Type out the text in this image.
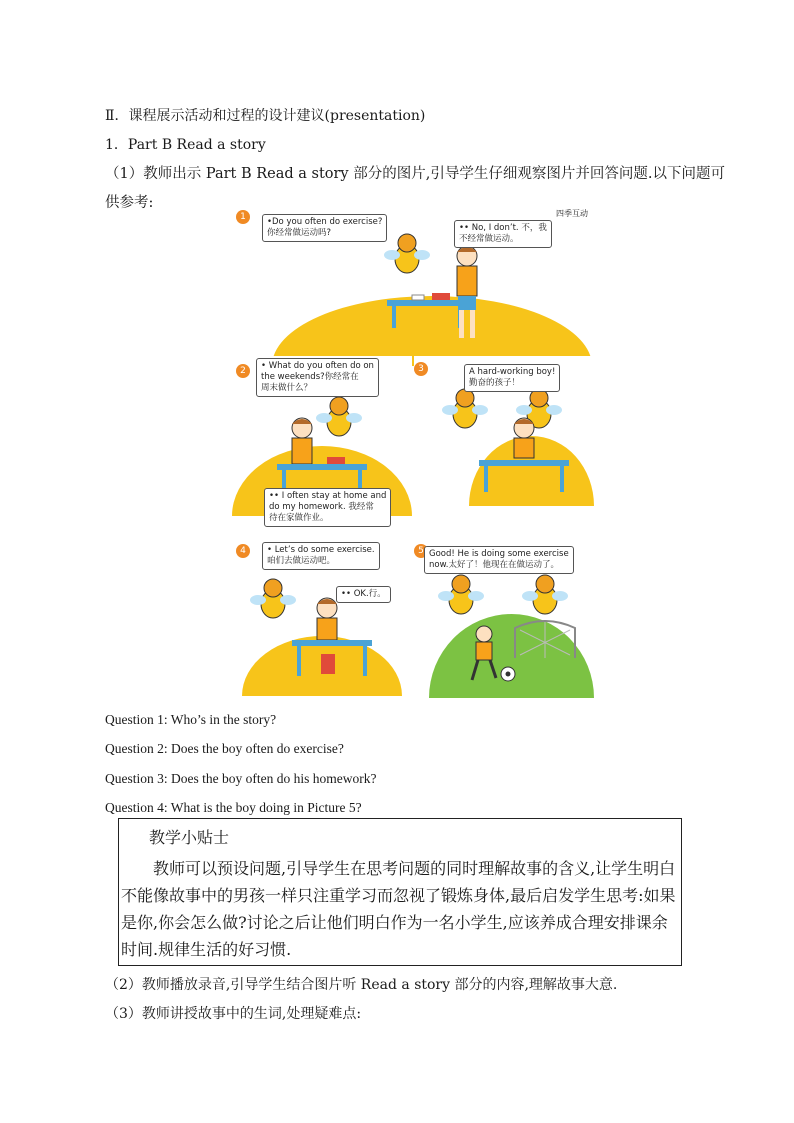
Ⅱ．课程展示活动和过程的设计建议(presentation)
1．Part B Read a story
（1）教师出示 Part B Read a story 部分的图片,引导学生仔细观察图片并回答问题.以下问题可供参考:
1	四季互动
•Do you often do exercise?
你经常做运动吗?	•• No, I don’t. 不，我
不经常做运动。
2	• What do you often do on
the weekends?你经常在
周末做什么？
•• I often stay at home and
do my homework. 我经常
待在家做作业。
3	A hard-working boy!
勤奋的孩子！
4	• Let’s do some exercise.
咱们去做运动吧。
•• OK.行。
5 Good! He is doing some exercise
now.太好了！他现在在做运动了。
Question 1: Who’s in the story?
Question 2: Does the boy often do exercise?
Question 3: Does the boy often do his homework?
Question 4: What is the boy doing in Picture 5?
教学小贴士
教师可以预设问题,引导学生在思考问题的同时理解故事的含义,让学生明白不能像故事中的男孩一样只注重学习而忽视了锻炼身体,最后启发学生思考:如果是你,你会怎么做?讨论之后让他们明白作为一名小学生,应该养成合理安排课余时间.规律生活的好习惯.
（2）教师播放录音,引导学生结合图片听 Read a story 部分的内容,理解故事大意.
（3）教师讲授故事中的生词,处理疑难点:
